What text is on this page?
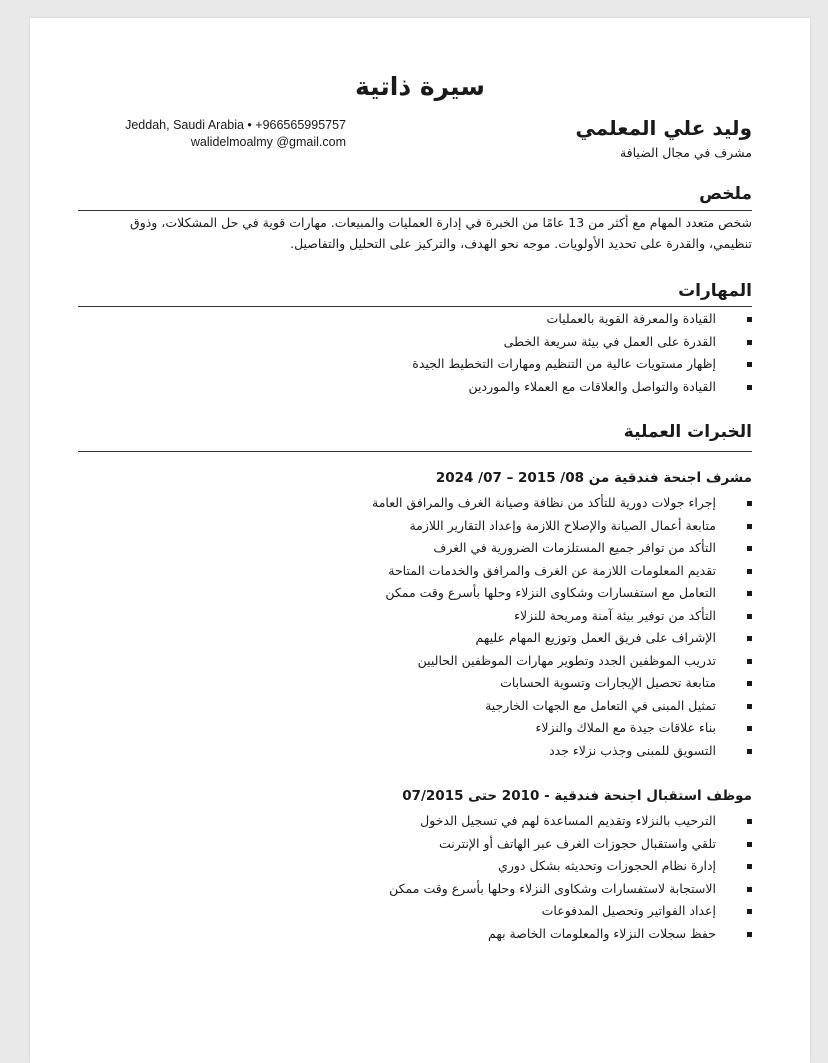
سيرة ذاتية
Jeddah, Saudi Arabia • +966565995757
walidelmoalmy @gmail.com
وليد علي المعلمي
مشرف في مجال الضيافة
ملخص
شخص متعدد المهام مع أكثر من 13 عامًا من الخبرة في إدارة العمليات والمبيعات. مهارات قوية في حل المشكلات، وذوق تنظيمي، والقدرة على تحديد الأولويات. موجه نحو الهدف، والتركيز على التحليل والتفاصيل.
المهارات
القيادة والمعرفة القوية بالعمليات
القدرة على العمل في بيئة سريعة الخطى
إظهار مستويات عالية من التنظيم ومهارات التخطيط الجيدة
القيادة والتواصل والعلاقات مع العملاء والموردين
الخبرات العملية
مشرف اجنحة فندقية من 08/ 2015 – 07/ 2024
إجراء جولات دورية للتأكد من نظافة وصيانة الغرف والمرافق العامة
متابعة أعمال الصيانة والإصلاح اللازمة وإعداد التقارير اللازمة
التأكد من توافر جميع المستلزمات الضرورية في الغرف
تقديم المعلومات اللازمة عن الغرف والمرافق والخدمات المتاحة
التعامل مع استفسارات وشكاوى النزلاء وحلها بأسرع وقت ممكن
التأكد من توفير بيئة آمنة ومريحة للنزلاء
الإشراف على فريق العمل وتوزيع المهام عليهم
تدريب الموظفين الجدد وتطوير مهارات الموظفين الحاليين
متابعة تحصيل الإيجارات وتسوية الحسابات
تمثيل المبنى في التعامل مع الجهات الخارجية
بناء علاقات جيدة مع الملاك والنزلاء
التسويق للمبنى وجذب نزلاء جدد
موظف استقبال اجنحة فندقية - 2010 حتى 07/2015
الترحيب بالنزلاء وتقديم المساعدة لهم في تسجيل الدخول
تلقي واستقبال حجوزات الغرف عبر الهاتف أو الإنترنت
إدارة نظام الحجوزات وتحديثه بشكل دوري
الاستجابة لاستفسارات وشكاوى النزلاء وحلها بأسرع وقت ممكن
إعداد الفواتير وتحصيل المدفوعات
حفظ سجلات النزلاء والمعلومات الخاصة بهم
